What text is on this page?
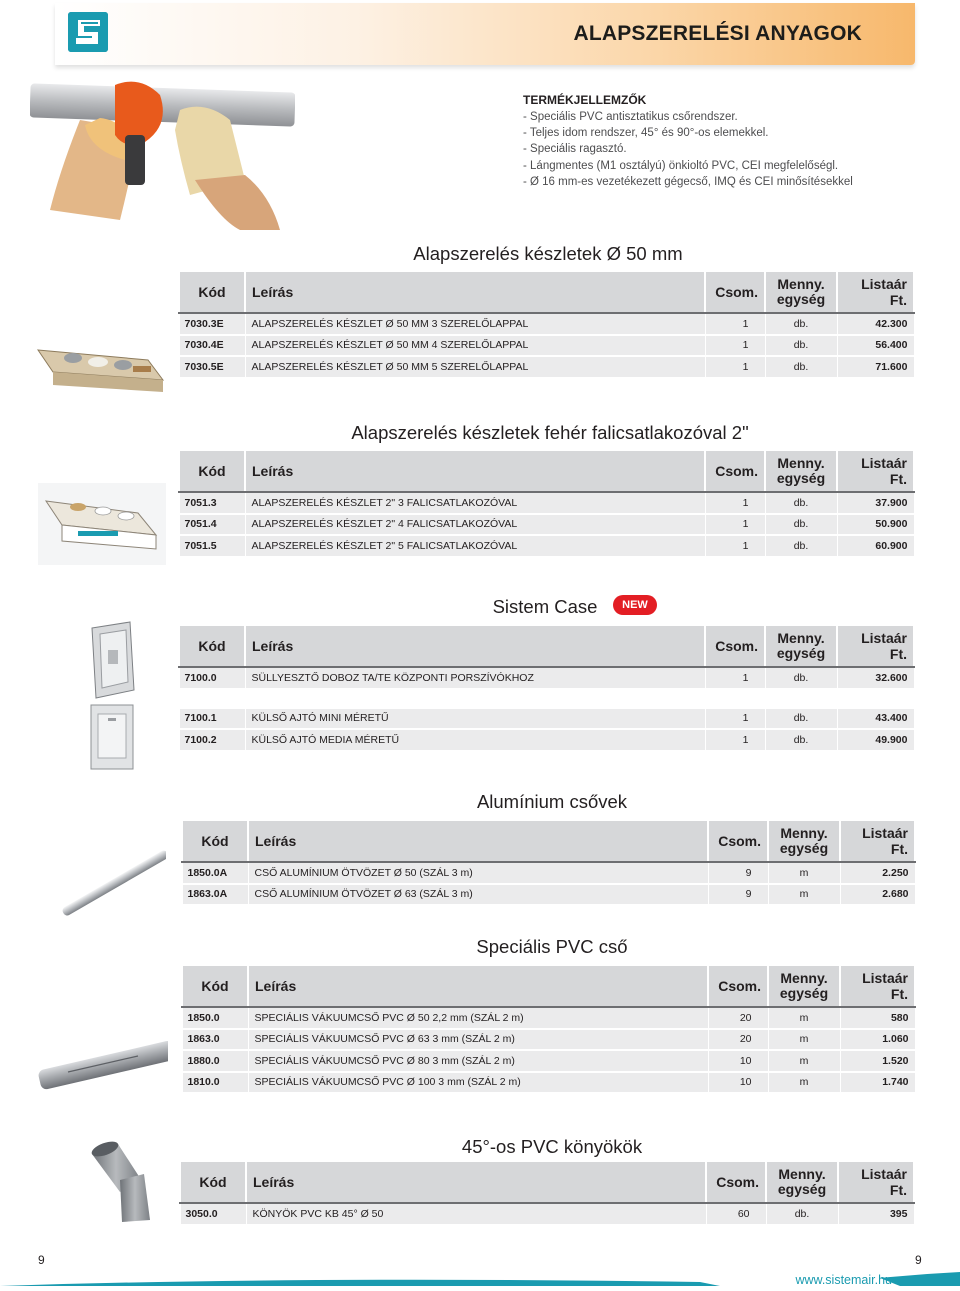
ALAPSZERELÉSI ANYAGOK
TERMÉKJELLEMZŐK
- Speciális PVC antisztatikus csőrendszer.
- Teljes idom rendszer, 45° és 90°-os elemekkel.
- Speciális ragasztó.
- Lángmentes (M1 osztályú) önkioltó PVC, CEI megfelelőségl.
- Ø 16 mm-es vezetékezett gégecső, IMQ és CEI minősítésekkel
Alapszerelés készletek Ø 50 mm
Kód	Leírás	Csom.	Menny.
egység	Listaár Ft.
7030.3E	ALAPSZERELÉS KÉSZLET Ø 50 MM 3 SZERELŐLAPPAL	1	db.	42.300
7030.4E	ALAPSZERELÉS KÉSZLET Ø 50 MM 4 SZERELŐLAPPAL	1	db.	56.400
7030.5E	ALAPSZERELÉS KÉSZLET Ø 50 MM 5 SZERELŐLAPPAL	1	db.	71.600
Alapszerelés készletek fehér falicsatlakozóval 2"
Kód	Leírás	Csom.	Menny.
egység	Listaár Ft.
7051.3	ALAPSZERELÉS KÉSZLET 2" 3 FALICSATLAKOZÓVAL	1	db.	37.900
7051.4	ALAPSZERELÉS KÉSZLET 2" 4 FALICSATLAKOZÓVAL	1	db.	50.900
7051.5	ALAPSZERELÉS KÉSZLET 2" 5 FALICSATLAKOZÓVAL	1	db.	60.900
Sistem Case	NEW
Kód	Leírás	Csom.	Menny.
egység	Listaár Ft.
7100.0	SÜLLYESZTŐ DOBOZ TA/TE KÖZPONTI PORSZÍVÓKHOZ	1	db.	32.600

7100.1	KÜLSŐ AJTÓ MINI MÉRETŰ	1	db.	43.400
7100.2	KÜLSŐ AJTÓ MEDIA MÉRETŰ	1	db.	49.900
Alumínium csővek
Kód	Leírás	Csom.	Menny.
egység	Listaár Ft.
1850.0A	CSŐ ALUMÍNIUM ÖTVÖZET Ø 50 (SZÁL 3 m)	9	m	2.250
1863.0A	CSŐ ALUMÍNIUM ÖTVÖZET Ø 63 (SZÁL 3 m)	9	m	2.680
Speciális PVC cső
Kód	Leírás	Csom.	Menny.
egység	Listaár Ft.
1850.0	SPECIÁLIS VÁKUUMCSŐ PVC Ø 50 2,2 mm (SZÁL 2 m)	20	m	580
1863.0	SPECIÁLIS VÁKUUMCSŐ PVC Ø 63 3 mm (SZÁL 2 m)	20	m	1.060
1880.0	SPECIÁLIS VÁKUUMCSŐ PVC Ø 80 3 mm (SZÁL 2 m)	10	m	1.520
1810.0	SPECIÁLIS VÁKUUMCSŐ PVC Ø 100 3 mm (SZÁL 2 m)	10	m	1.740
45°-os PVC könyökök
Kód	Leírás	Csom.	Menny.
egység	Listaár Ft.
3050.0	KÖNYÖK PVC KB 45° Ø 50	60	db.	395
9	9
www.sistemair.hu
